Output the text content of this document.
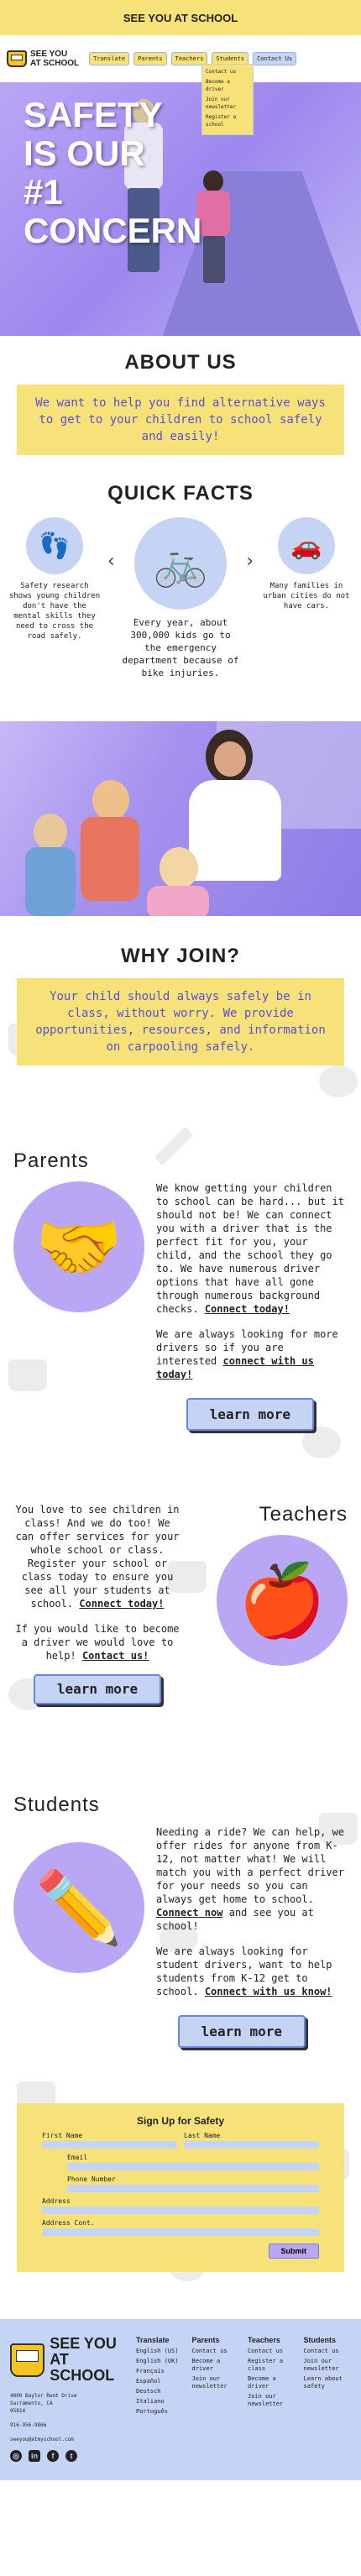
SEE YOU AT SCHOOL
SEE YOU
AT SCHOOL	Translate	Parents	Teachers	Students	Contact Us
Contact us
Become a driver
Join our newsletter
Register a school
SAFETY
IS OUR
#1
CONCERN
ABOUT US
We want to help you find alternative ways to get to your children to school safely and easily!
QUICK FACTS
👣
Safety research shows young children don't have the mental skills they need to cross the road safely.
‹ 🚲
Every year, about 300,000 kids go to the emergency department because of bike injuries.
›
🚗
Many families in urban cities do not have cars.
WHY JOIN?
Your child should always safely be in class, without worry. We provide opportunities, resources, and information on carpooling safely.
Parents
🤝

We know getting your children to school can be hard... but it should not be! We can connect you with a driver that is the perfect fit for you, your child, and the school they go to. We have numerous driver options that have all gone through numerous background checks. Connect today!

We are always looking for more drivers so if you are interested connect with us today!

learn more

You love to see children in class! And we do too! We can offer services for your whole school or class. Register your school or class today to ensure you see all your students at school. Connect today!

If you would like to become a driver we would love to help! Contact us!

learn more
Teachers
🍎
Students
✏️

Needing a ride? We can help, we offer rides for anyone from K-12, not matter what! We will match you with a perfect driver for your needs so you can always get home to school. Connect now and see you at school!

We are always looking for student drivers, want to help students from K-12 get to school. Connect with us know!

learn more
Sign Up for Safety
First Name	Last Name
Email
Phone Number
Address
Address Cont.
Submit
SEE YOU
AT SCHOOL
4800 Baylor Rent Drive
Sacramento, CA
95814
916-956-9866
seeyou@atmyschool.com
◎	in	f	t
Translate
English (US)
English (UK)
Français
Español
Deutsch
Italiano
Português
Parents
Contact us
Become a driver
Join our newsletter
Teachers
Contact us
Register a class
Become a driver
Join our newsletter
Students
Contact us
Join our newsletter
Learn about safety
